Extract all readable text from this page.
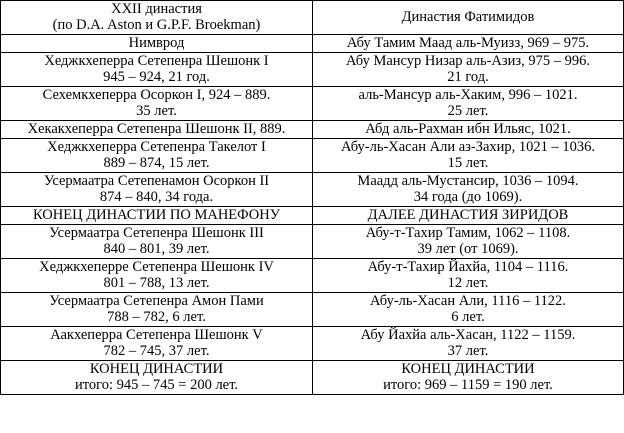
XXII династия
(по D.A. Aston и G.P.F. Broekman)	Династия Фатимидов

Нимврод	Абу Тамим Маад аль-Муизз, 969 – 975.

Хеджкхеперра Сетепенра Шешонк I
945 – 924, 21 год.	Абу Мансур Низар аль-Азиз, 975 – 996.
21 год.

Сехемкхеперра Осоркон I, 924 – 889.
35 лет.	аль-Мансур аль-Хаким, 996 – 1021.
25 лет.

Хекакхеперра Сетепенра Шешонк II, 889.	Абд аль-Рахман ибн Ильяс, 1021.

Хеджкхеперра Сетепенра Такелот I
889 – 874, 15 лет.	Абу-ль-Хасан Али аз-Захир, 1021 – 1036.
15 лет.

Усермаатра Сетепенамон Осоркон II
874 – 840, 34 года.	Маадд аль-Мустансир, 1036 – 1094.
34 года (до 1069).

КОНЕЦ ДИНАСТИИ ПО МАНЕФОНУ	ДАЛЕЕ ДИНАСТИЯ ЗИРИДОВ

Усермаатра Сетепенра Шешонк III
840 – 801, 39 лет.	Абу-т-Тахир Тамим, 1062 – 1108.
39 лет (от 1069).

Хеджкхеперре Сетепенра Шешонк IV
801 – 788, 13 лет.	Абу-т-Тахир Йахйа, 1104 – 1116.
12 лет.

Усермаатра Сетепенра Амон Пами
788 – 782, 6 лет.	Абу-ль-Хасан Али, 1116 – 1122.
6 лет.

Аакхеперра Сетепенра Шешонк V
782 – 745, 37 лет.	Абу Йахйа аль-Хасан, 1122 – 1159.
37 лет.

КОНЕЦ ДИНАСТИИ
итого: 945 – 745 = 200 лет.	КОНЕЦ ДИНАСТИИ
итого: 969 – 1159 = 190 лет.
